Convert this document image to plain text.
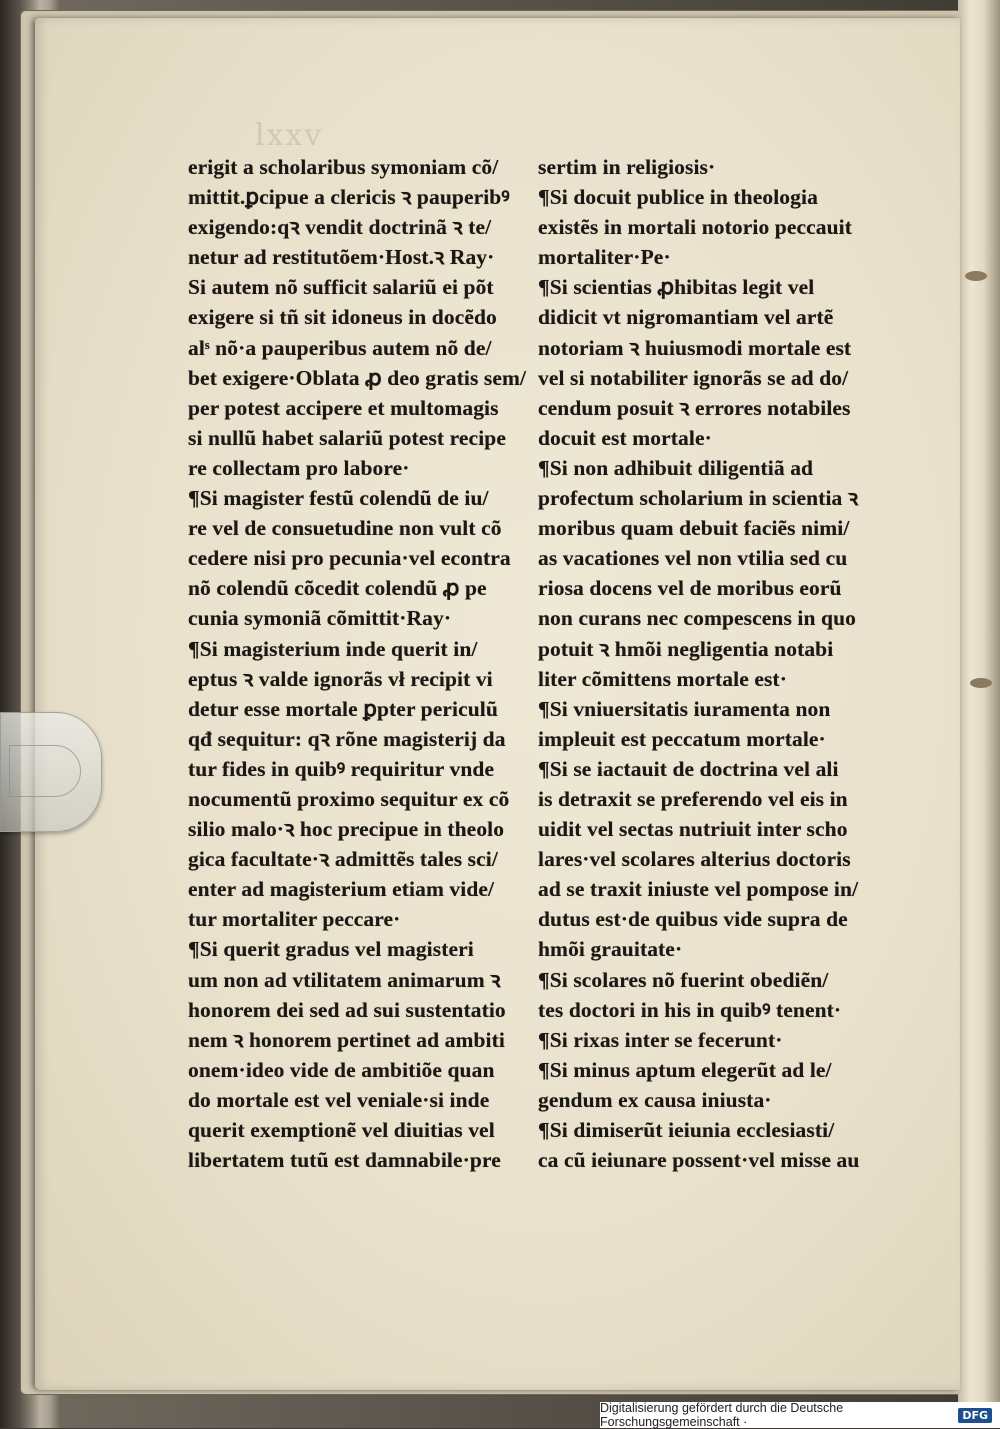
lxxv
erigit a scholaribus symoniam cõ/
mittit.ꝑcipue a clericis ꝛ pauperibꝰ
exigendo:qꝛ vendit doctrinã ꝛ te/
netur ad restitutõem·Host.ꝛ Ray·
Si autem nõ sufficit salariũ ei põt
exigere si tñ sit idoneus in docẽdo
alˢ nõ·a pauperibus autem nõ de/
bet exigere·Oblata ꝓ deo gratis sem/
per potest accipere et multomagis
si nullũ habet salariũ potest recipe
re collectam pro labore·
¶Si magister festũ colendũ de iu/
re vel de consuetudine non vult cõ
cedere nisi pro pecunia·vel econtra
nõ colendũ cõcedit colendũ ꝓ pe
cunia symoniã cõmittit·Ray·
¶Si magisterium inde querit in/
eptus ꝛ valde ignorãs vł recipit vi
detur esse mortale ꝑpter periculũ
qđ sequitur: qꝛ rõne magisterij da
tur fides in quibꝰ requiritur vnde
nocumentũ proximo sequitur ex cõ
silio malo·ꝛ hoc precipue in theolo
gica facultate·ꝛ admittẽs tales sci/
enter ad magisterium etiam vide/
tur mortaliter peccare·
¶Si querit gradus vel magisteri
um non ad vtilitatem animarum ꝛ
honorem dei sed ad sui sustentatio
nem ꝛ honorem pertinet ad ambiti
onem·ideo vide de ambitiõe quan
do mortale est vel veniale·si inde
querit exemptionẽ vel diuitias vel
libertatem tutũ est damnabile·pre
sertim in religiosis·
¶Si docuit publice in theologia
existẽs in mortali notorio peccauit
mortaliter·Pe·
¶Si scientias ꝓhibitas legit vel
didicit vt nigromantiam vel artẽ
notoriam ꝛ huiusmodi mortale est
vel si notabiliter ignorãs se ad do/
cendum posuit ꝛ errores notabiles
docuit est mortale·
¶Si non adhibuit diligentiã ad
profectum scholarium in scientia ꝛ
moribus quam debuit faciẽs nimi/
as vacationes vel non vtilia sed cu
riosa docens vel de moribus eorũ
non curans nec compescens in quo
potuit ꝛ hmõi negligentia notabi
liter cõmittens mortale est·
¶Si vniuersitatis iuramenta non
impleuit est peccatum mortale·
¶Si se iactauit de doctrina vel ali
is detraxit se preferendo vel eis in
uidit vel sectas nutriuit inter scho
lares·vel scolares alterius doctoris
ad se traxit iniuste vel pompose in/
dutus est·de quibus vide supra de
hmõi grauitate·
¶Si scolares nõ fuerint obediẽn/
tes doctori in his in quibꝰ tenent·
¶Si rixas inter se fecerunt·
¶Si minus aptum elegerũt ad le/
gendum ex causa iniusta·
¶Si dimiserũt ieiunia ecclesiasti/
ca cũ ieiunare possent·vel misse au
Digitalisierung gefördert durch die Deutsche Forschungsgemeinschaft ·	DFG
